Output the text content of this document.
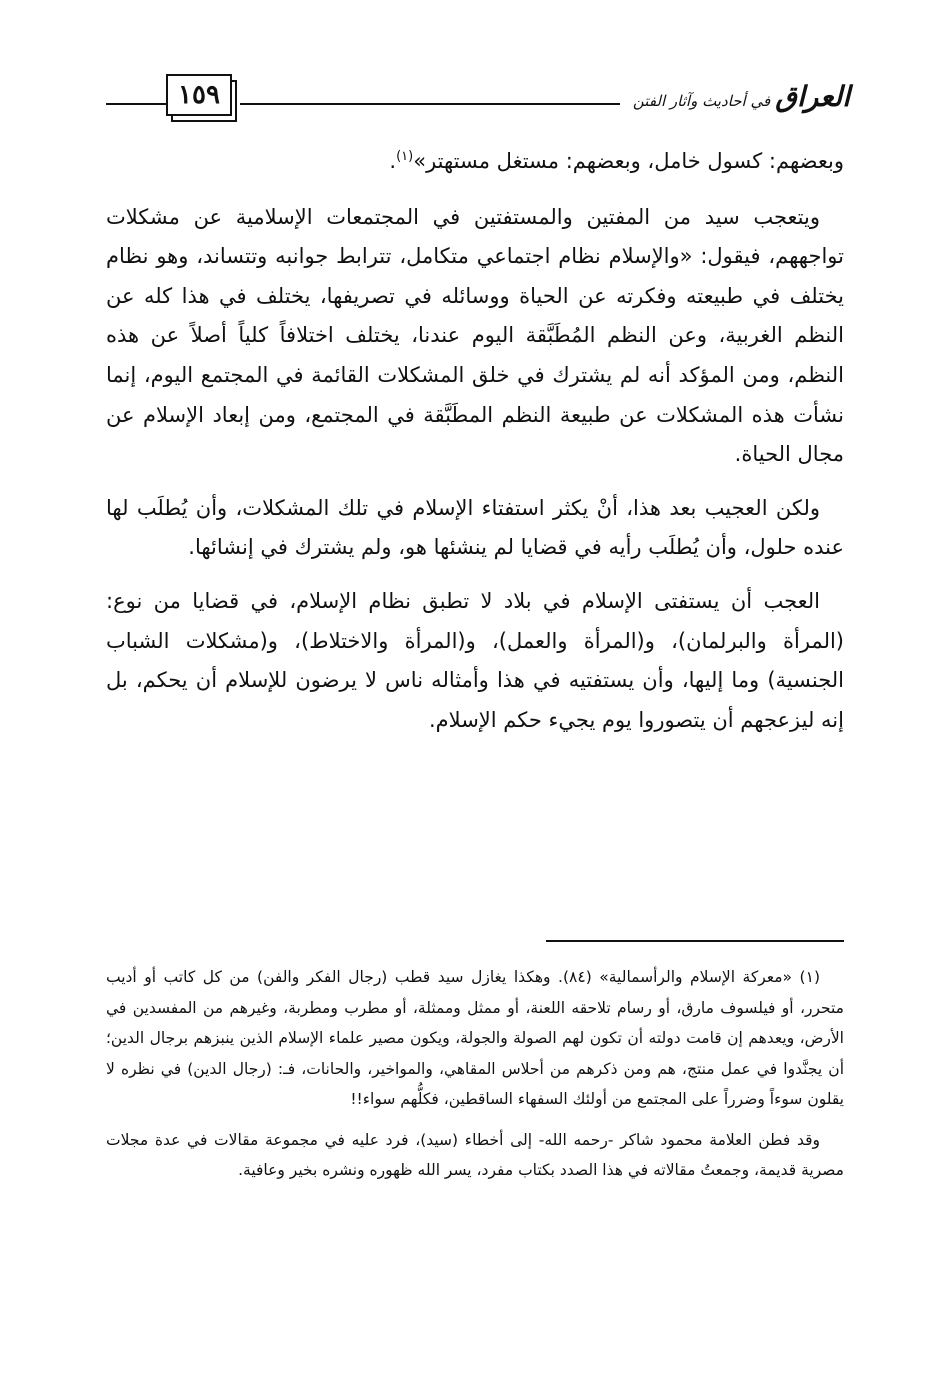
١٥٩	العراق في أحاديث وآثار الفتن

وبعضهم: كسول خامل، وبعضهم: مستغل مستهتر»$^{(١)}$.

ويتعجب سيد من المفتين والمستفتين في المجتمعات الإسلامية عن مشكلات تواجههم، فيقول: «والإسلام نظام اجتماعي متكامل، تترابط جوانبه وتتساند، وهو نظام يختلف في طبيعته وفكرته عن الحياة ووسائله في تصريفها، يختلف في هذا كله عن النظم الغربية، وعن النظم المُطَبَّقة اليوم عندنا، يختلف اختلافاً كلياً أصلاً عن هذه النظم، ومن المؤكد أنه لم يشترك في خلق المشكلات القائمة في المجتمع اليوم، إنما نشأت هذه المشكلات عن طبيعة النظم المطَبَّقة في المجتمع، ومن إبعاد الإسلام عن مجال الحياة.

ولكن العجيب بعد هذا، أنْ يكثر استفتاء الإسلام في تلك المشكلات، وأن يُطلَب لها عنده حلول، وأن يُطلَب رأيه في قضايا لم ينشئها هو، ولم يشترك في إنشائها.

العجب أن يستفتى الإسلام في بلاد لا تطبق نظام الإسلام، في قضايا من نوع: (المرأة والبرلمان)، و(المرأة والعمل)، و(المرأة والاختلاط)، و(مشكلات الشباب الجنسية) وما إليها، وأن يستفتيه في هذا وأمثاله ناس لا يرضون للإسلام أن يحكم، بل إنه ليزعجهم أن يتصوروا يوم يجيء حكم الإسلام.

(١) «معركة الإسلام والرأسمالية» (٨٤). وهكذا يغازل سيد قطب (رجال الفكر والفن) من كل كاتب أو أديب متحرر، أو فيلسوف مارق، أو رسام تلاحقه اللعنة، أو ممثل وممثلة، أو مطرب ومطربة، وغيرهم من المفسدين في الأرض، ويعدهم إن قامت دولته أن تكون لهم الصولة والجولة، ويكون مصير علماء الإسلام الذين ينبزهم برجال الدين؛ أن يجنَّدوا في عمل منتج، هم ومن ذكرهم من أحلاس المقاهي، والمواخير، والحانات، فـ: (رجال الدين) في نظره لا يقلون سوءاً وضرراً على المجتمع من أولئك السفهاء الساقطين، فكلُّهم سواء!!

وقد فطن العلامة محمود شاكر -رحمه الله- إلى أخطاء (سيد)، فرد عليه في مجموعة مقالات في عدة مجلات مصرية قديمة، وجمعتُ مقالاته في هذا الصدد بكتاب مفرد، يسر الله ظهوره ونشره بخير وعافية.
